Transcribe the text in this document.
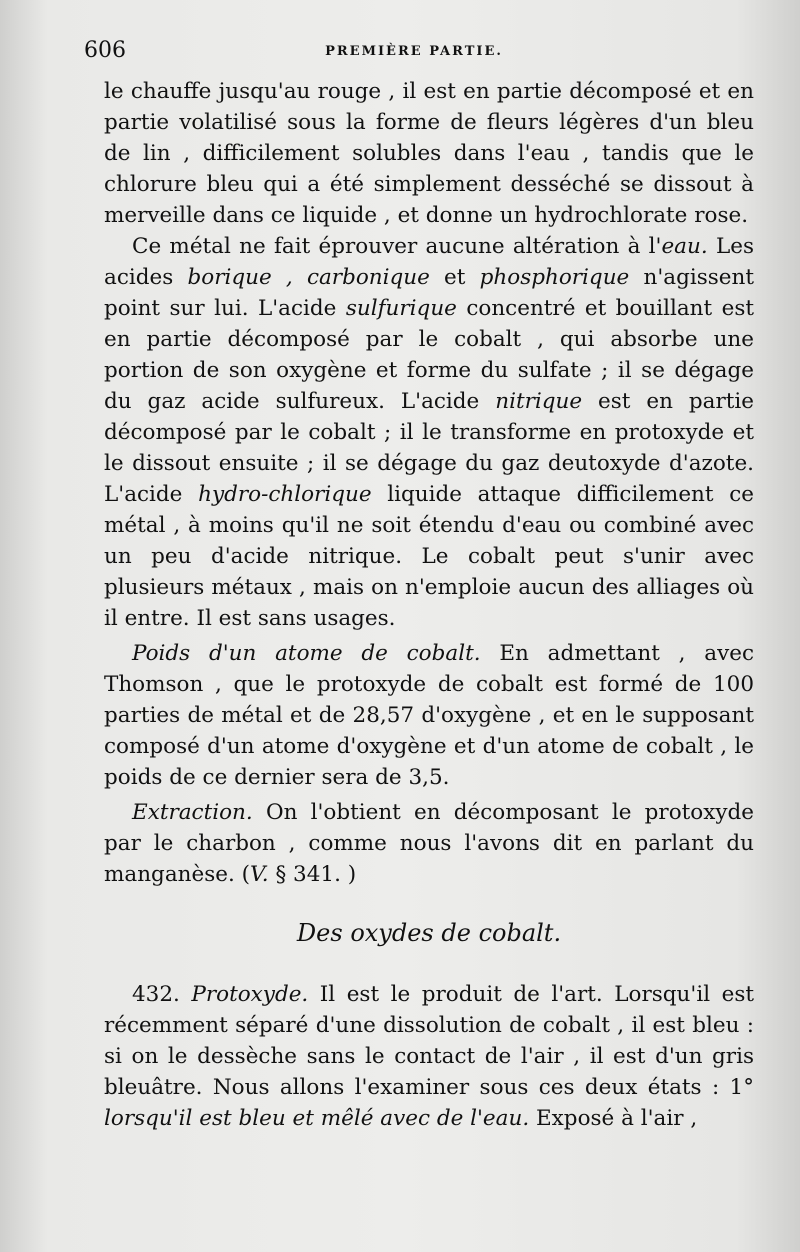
606	PREMIÈRE PARTIE.

le chauffe jusqu'au rouge , il est en partie décomposé et en partie volatilisé sous la forme de fleurs légères d'un bleu de lin , difficilement solubles dans l'eau , tandis que le chlorure bleu qui a été simplement desséché se dissout à merveille dans ce liquide , et donne un hydrochlorate rose.

Ce métal ne fait éprouver aucune altération à l'eau. Les acides borique , carbonique et phosphorique n'agissent point sur lui. L'acide sulfurique concentré et bouillant est en partie décomposé par le cobalt , qui absorbe une portion de son oxygène et forme du sulfate ; il se dégage du gaz acide sulfureux. L'acide nitrique est en partie décomposé par le cobalt ; il le transforme en protoxyde et le dissout ensuite ; il se dégage du gaz deutoxyde d'azote. L'acide hydro-chlorique liquide attaque difficilement ce métal , à moins qu'il ne soit étendu d'eau ou combiné avec un peu d'acide nitrique. Le cobalt peut s'unir avec plusieurs métaux , mais on n'emploie aucun des alliages où il entre. Il est sans usages.

Poids d'un atome de cobalt. En admettant , avec Thomson , que le protoxyde de cobalt est formé de 100 parties de métal et de 28,57 d'oxygène , et en le supposant composé d'un atome d'oxygène et d'un atome de cobalt , le poids de ce dernier sera de 3,5.

Extraction. On l'obtient en décomposant le protoxyde par le charbon , comme nous l'avons dit en parlant du manganèse. (V. § 341. )

Des oxydes de cobalt.

432. Protoxyde. Il est le produit de l'art. Lorsqu'il est récemment séparé d'une dissolution de cobalt , il est bleu : si on le dessèche sans le contact de l'air , il est d'un gris bleuâtre. Nous allons l'examiner sous ces deux états : 1° lorsqu'il est bleu et mêlé avec de l'eau. Exposé à l'air ,
